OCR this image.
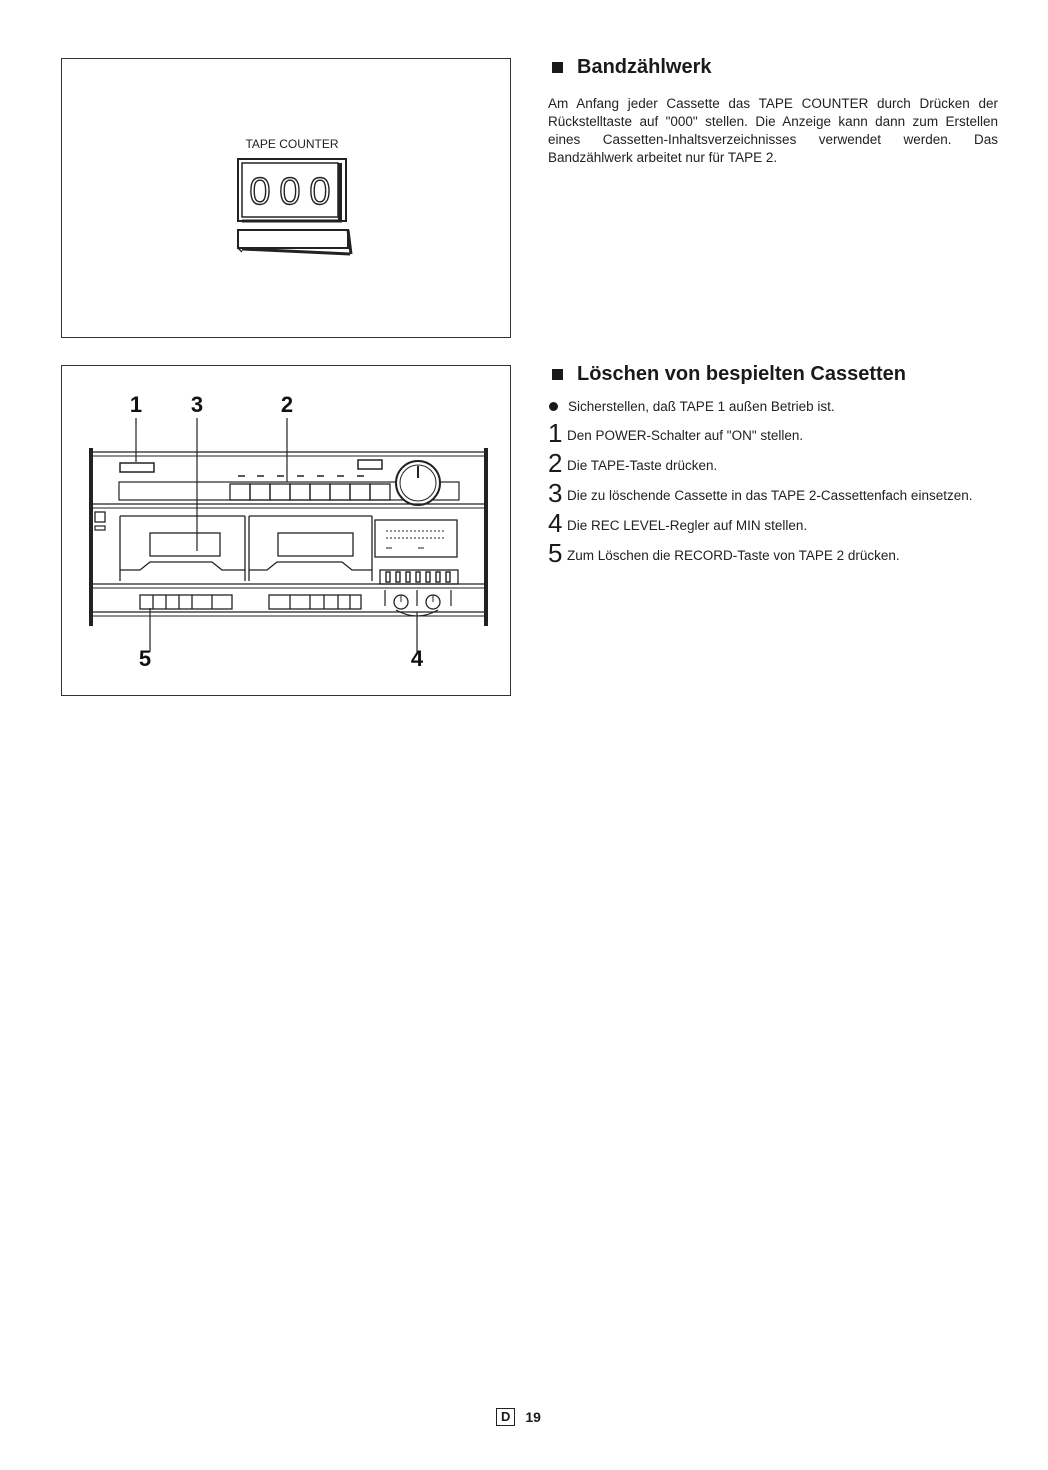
TAPE COUNTER
0 0 0
1 3	2
5	4
Bandzählwerk

Am Anfang jeder Cassette das TAPE COUNTER durch Drücken der Rückstelltaste auf "000" stellen. Die Anzeige kann dann zum Erstellen eines Cassetten-Inhaltsverzeichnisses verwendet werden. Das Bandzählwerk arbeitet nur für TAPE 2.

Löschen von bespielten Cassetten
Sicherstellen, daß TAPE 1 außen Betrieb ist.
1 Den POWER-Schalter auf "ON" stellen.
2 Die TAPE-Taste drücken.
3 Die zu löschende Cassette in das TAPE 2-Cassettenfach einsetzen.
4 Die REC LEVEL-Regler auf MIN stellen.
5 Zum Löschen die RECORD-Taste von TAPE 2 drücken.
D	19
